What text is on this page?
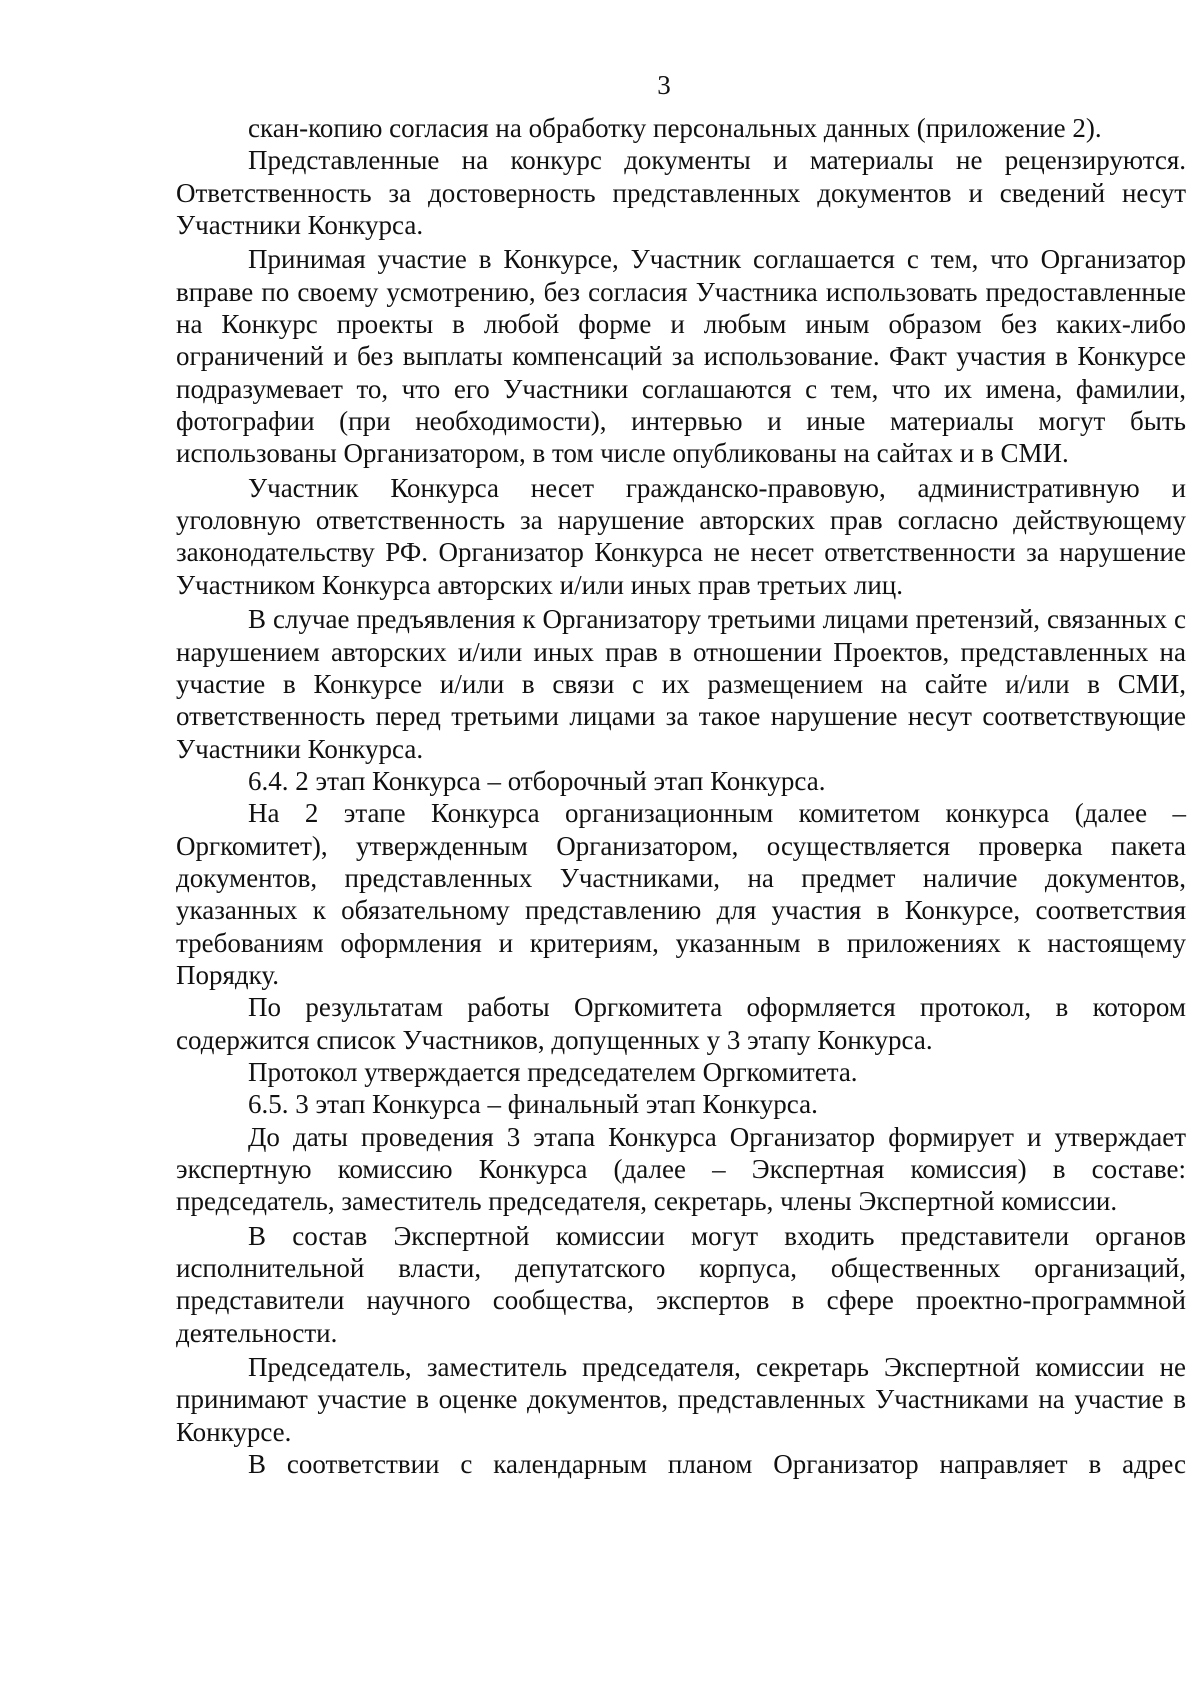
3

скан-копию согласия на обработку персональных данных (приложение 2).

Представленные на конкурс документы и материалы не рецензируются. Ответственность за достоверность представленных документов и сведений несут Участники Конкурса.

Принимая участие в Конкурсе, Участник соглашается с тем, что Организатор вправе по своему усмотрению, без согласия Участника использовать предоставленные на Конкурс проекты в любой форме и любым иным образом без каких-либо ограничений и без выплаты компенсаций за использование. Факт участия в Конкурсе подразумевает то, что его Участники соглашаются с тем, что их имена, фамилии, фотографии (при необходимости), интервью и иные материалы могут быть использованы Организатором, в том числе опубликованы на сайтах и в СМИ.

Участник Конкурса несет гражданско-правовую, административную и уголовную ответственность за нарушение авторских прав согласно действующему законодательству РФ. Организатор Конкурса не несет ответственности за нарушение Участником Конкурса авторских и/или иных прав третьих лиц.

В случае предъявления к Организатору третьими лицами претензий, связанных с нарушением авторских и/или иных прав в отношении Проектов, представленных на участие в Конкурсе и/или в связи с их размещением на сайте и/или в СМИ, ответственность перед третьими лицами за такое нарушение несут соответствующие Участники Конкурса.

6.4. 2 этап Конкурса – отборочный этап Конкурса.

На 2 этапе Конкурса организационным комитетом конкурса (далее – Оргкомитет), утвержденным Организатором, осуществляется проверка пакета документов, представленных Участниками, на предмет наличие документов, указанных к обязательному представлению для участия в Конкурсе, соответствия требованиям оформления и критериям, указанным в приложениях к настоящему Порядку.

По результатам работы Оргкомитета оформляется протокол, в котором содержится список Участников, допущенных у 3 этапу Конкурса.

Протокол утверждается председателем Оргкомитета.

6.5. 3 этап Конкурса – финальный этап Конкурса.

До даты проведения 3 этапа Конкурса Организатор формирует и утверждает экспертную комиссию Конкурса (далее – Экспертная комиссия) в составе: председатель, заместитель председателя, секретарь, члены Экспертной комиссии.

В состав Экспертной комиссии могут входить представители органов исполнительной власти, депутатского корпуса, общественных организаций, представители научного сообщества, экспертов в сфере проектно-программной деятельности.

Председатель, заместитель председателя, секретарь Экспертной комиссии не принимают участие в оценке документов, представленных Участниками на участие в Конкурсе.

В соответствии с календарным планом Организатор направляет в адрес
